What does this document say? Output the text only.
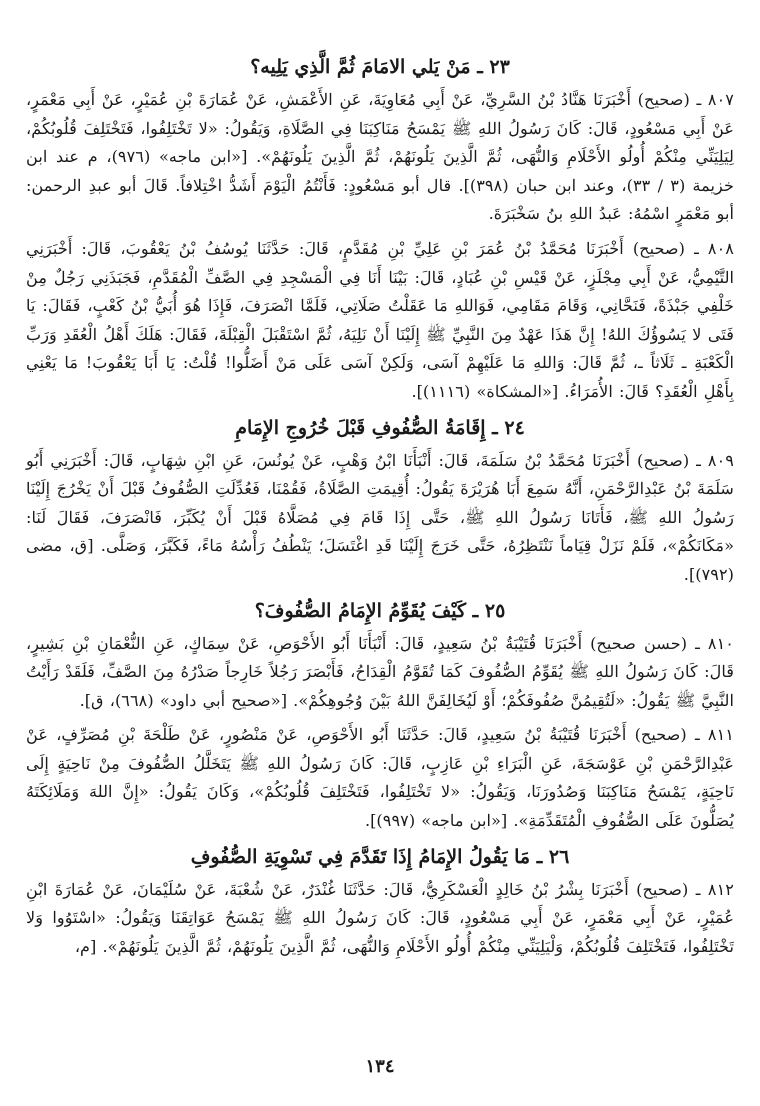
٢٣ ـ مَنْ يَلي الامَامَ ثُمَّ الَّذِي يَلِيه؟

٨٠٧ ـ (صحيح) أَخْبَرَنَا هَنَّادُ بْنُ السَّرِيِّ، عَنْ أَبِي مُعَاوِيَةَ، عَنِ الأَعْمَشِ، عَنْ عُمَارَةَ بْنِ عُمَيْرٍ، عَنْ أَبِي مَعْمَرٍ، عَنْ أَبِي مَسْعُودٍ، قَالَ: كَانَ رَسُولُ اللهِ ﷺ يَمْسَحُ مَنَاكِبَنَا فِي الصَّلَاةِ، وَيَقُولُ: «لا تَخْتَلِفُوا، فَتَخْتَلِفَ قُلُوبُكُمْ، لِيَلِيَنِّي مِنْكُمْ أُولُو الأَحْلَامِ وَالنُّهَى، ثُمَّ الَّذِينَ يَلُونَهُمْ، ثُمَّ الَّذِينَ يَلُونَهُمْ». [«ابن ماجه» (٩٧٦)، م عند ابن خزيمة (٣ / ٣٣)، وعند ابن حبان (٣٩٨)]. قال أبو مَسْعُودٍ: فَأَنْتُمُ الْيَوْمَ أَشَدُّ اخْتِلافاً. قَالَ أبو عبدِ الرحمن: أبو مَعْمَرٍ اسْمُهُ: عَبدُ اللهِ بنُ سَخْبَرَةَ.

٨٠٨ ـ (صحيح) أَخْبَرَنَا مُحَمَّدُ بْنُ عُمَرَ بْنِ عَلِيِّ بْنِ مُقَدَّمٍ، قَالَ: حَدَّثَنَا يُوسُفُ بْنُ يَعْقُوبَ، قَالَ: أَخْبَرَنِي التَّيْمِيُّ، عَنْ أَبِي مِجْلَزٍ، عَنْ قَيْسِ بْنِ عُبَادٍ، قَالَ: بَيْنَا أَنَا فِي الْمَسْجِدِ فِي الصَّفِّ الْمُقَدَّمِ، فَجَبَذَنِي رَجُلٌ مِنْ خَلْفِي جَبْذَةً، فَنَحَّانِي، وَقَامَ مَقَامِي، فَوَاللهِ مَا عَقَلْتُ صَلَاتِي، فَلَمَّا انْصَرَفَ، فَإِذَا هُوَ أُبَيُّ بْنُ كَعْبٍ، فَقَالَ: يَا فَتَى لا يَسُوؤُكَ اللهُ! إِنَّ هَذَا عَهْدٌ مِنَ النَّبِيِّ ﷺ إِلَيْنَا أَنْ نَلِيَهُ، ثُمَّ اسْتَقْبَلَ الْقِبْلَةَ، فَقَالَ: هَلَكَ أَهْلُ الْعُقَدِ وَرَبِّ الْكَعْبَةِ ـ ثَلَاثاً ـ، ثُمَّ قَالَ: وَاللهِ مَا عَلَيْهِمْ آسَى، وَلَكِنْ آسَى عَلَى مَنْ أَضَلُّوا! قُلْتُ: يَا أَبَا يَعْقُوبَ! مَا يَعْنِي بِأَهْلِ الْعُقَدِ؟ قَالَ: الأُمَرَاءُ. [«المشكاة» (١١١٦)].

٢٤ ـ إِقَامَةُ الصُّفُوفِ قَبْلَ خُرُوجِ الإِمَامِ

٨٠٩ ـ (صحيح) أَخْبَرَنَا مُحَمَّدُ بْنُ سَلَمَةَ، قَالَ: أَنْبَأَنَا ابْنُ وَهْبٍ، عَنْ يُونُسَ، عَنِ ابْنِ شِهَابٍ، قَالَ: أَخْبَرَنِي أَبُو سَلَمَةَ بْنُ عَبْدِالرَّحْمَنِ، أَنَّهُ سَمِعَ أَبَا هُرَيْرَةَ يَقُولُ: أُقِيمَتِ الصَّلَاةُ، فَقُمْنَا، فَعُدِّلَتِ الصُّفُوفُ قَبْلَ أَنْ يَخْرُجَ إِلَيْنَا رَسُولُ اللهِ ﷺ، فَأَتَانَا رَسُولُ اللهِ ﷺ، حَتَّى إِذَا قَامَ فِي مُصَلَّاهُ قَبْلَ أَنْ يُكَبِّرَ، فَانْصَرَفَ، فَقَالَ لَنَا: «مَكَانَكُمْ»، فَلَمْ نَزَلْ قِيَاماً نَنْتَظِرُهُ، حَتَّى خَرَجَ إِلَيْنَا قَدِ اغْتَسَلَ؛ يَنْطُفُ رَأْسُهُ مَاءً، فَكَبَّرَ، وَصَلَّى. [ق، مضى (٧٩٢)].

٢٥ ـ كَيْفَ يُقَوِّمُ الإِمَامُ الصُّفُوفَ؟

٨١٠ ـ (حسن صحيح) أَخْبَرَنَا قُتَيْبَةُ بْنُ سَعِيدٍ، قَالَ: أَنْبَأَنَا أَبُو الأَحْوَصِ، عَنْ سِمَاكٍ، عَنِ النُّعْمَانِ بْنِ بَشِيرٍ، قَالَ: كَانَ رَسُولُ اللهِ ﷺ يُقَوِّمُ الصُّفُوفَ كَمَا تُقَوَّمُ الْقِدَاحُ، فَأَبْصَرَ رَجُلاً خَارِجاً صَدْرُهُ مِنَ الصَّفِّ، فَلَقَدْ رَأَيْتُ النَّبِيَّ ﷺ يَقُولُ: «لَتُقِيمُنَّ صُفُوفَكُمْ؛ أَوْ لَيُخَالِفَنَّ اللهُ بَيْنَ وُجُوهِكُمْ». [«صحيح أبي داود» (٦٦٨)، ق].

٨١١ ـ (صحيح) أَخْبَرَنَا قُتَيْبَةُ بْنُ سَعِيدٍ، قَالَ: حَدَّثَنَا أَبُو الأَحْوَصِ، عَنْ مَنْصُورٍ، عَنْ طَلْحَةَ بْنِ مُصَرِّفٍ، عَنْ عَبْدِالرَّحْمَنِ بْنِ عَوْسَجَةَ، عَنِ الْبَرَاءِ بْنِ عَازِبٍ، قَالَ: كَانَ رَسُولُ اللهِ ﷺ يَتَخَلَّلُ الصُّفُوفَ مِنْ نَاحِيَةٍ إِلَى نَاحِيَةٍ، يَمْسَحُ مَنَاكِبَنَا وَصُدُورَنَا، وَيَقُولُ: «لا تَخْتَلِفُوا، فَتَخْتَلِفَ قُلُوبُكُمْ»، وَكَانَ يَقُولُ: «إِنَّ اللهَ وَمَلَائِكَتَهُ يُصَلُّونَ عَلَى الصُّفُوفِ الْمُتَقَدِّمَةِ». [«ابن ماجه» (٩٩٧)].

٢٦ ـ مَا يَقُولُ الإِمَامُ إِذَا تَقَدَّمَ فِي تَسْوِيَةِ الصُّفُوفِ

٨١٢ ـ (صحيح) أَخْبَرَنَا بِشْرُ بْنُ خَالِدٍ الْعَسْكَرِيُّ، قَالَ: حَدَّثَنَا غُنْدَرٌ، عَنْ شُعْبَةَ، عَنْ سُلَيْمَانَ، عَنْ عُمَارَةَ ابْنِ عُمَيْرٍ، عَنْ أَبِي مَعْمَرٍ، عَنْ أَبِي مَسْعُودٍ، قَالَ: كَانَ رَسُولُ اللهِ ﷺ يَمْسَحُ عَوَاتِقَنَا وَيَقُولُ: «اسْتَوُوا وَلا تَخْتَلِفُوا، فَتَخْتَلِفَ قُلُوبُكُمْ، وَلْيَلِيَنِّي مِنْكُمْ أُولُو الأَحْلَامِ وَالنُّهَى، ثُمَّ الَّذِينَ يَلُونَهُمْ، ثُمَّ الَّذِينَ يَلُونَهُمْ». [م،

١٣٤
